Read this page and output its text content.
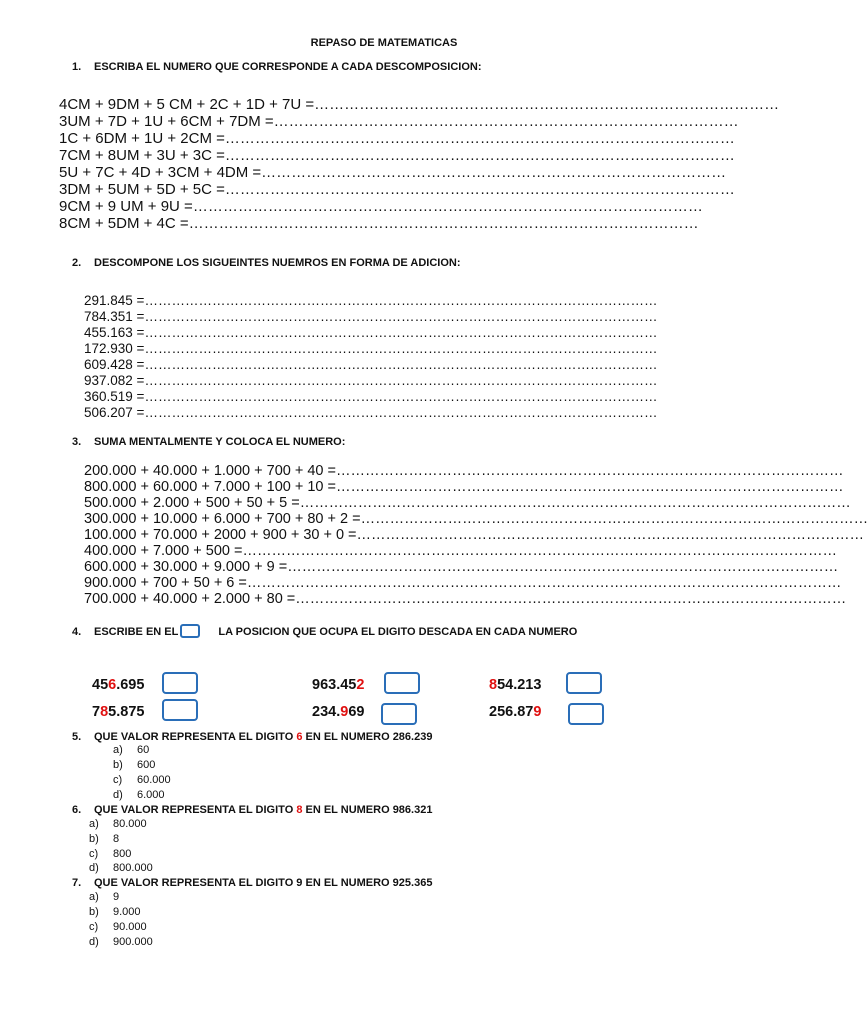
REPASO DE MATEMATICAS
1. ESCRIBA EL NUMERO QUE CORRESPONDE A CADA DESCOMPOSICION:
4CM + 9DM + 5 CM + 2C + 1D + 7U =…………………………………………………………………………………
3UM + 7D + 1U + 6CM + 7DM =…………………………………………………………………………………
1C + 6DM + 1U + 2CM =…………………………………………………………………………………………
7CM + 8UM + 3U + 3C =…………………………………………………………………………………………
5U + 7C + 4D + 3CM + 4DM =…………………………………………………………………………………
3DM + 5UM + 5D + 5C =…………………………………………………………………………………………
9CM + 9 UM + 9U =…………………………………………………………………………………………
8CM + 5DM + 4C =…………………………………………………………………………………………
2. DESCOMPONE LOS SIGUEINTES NUEMROS EN FORMA DE ADICION:
291.845 =……………………………………………………………………………………………………
784.351 =……………………………………………………………………………………………………
455.163 =……………………………………………………………………………………………………
172.930 =……………………………………………………………………………………………………
609.428 =……………………………………………………………………………………………………
937.082 =……………………………………………………………………………………………………
360.519 =……………………………………………………………………………………………………
506.207 =……………………………………………………………………………………………………
3. SUMA MENTALMENTE Y COLOCA EL NUMERO:
200.000 + 40.000 + 1.000 + 700 + 40 =……………………………………………………………………………………………
800.000 + 60.000 + 7.000 + 100 + 10 =……………………………………………………………………………………………
500.000 + 2.000 + 500 + 50 + 5 =……………………………………………………………………………………………………
300.000 + 10.000 + 6.000 + 700 + 80 + 2 =……………………………………………………………………………………………
100.000 + 70.000 + 2000 + 900 + 30 + 0 =……………………………………………………………………………………………
400.000 + 7.000 + 500 =……………………………………………………………………………………………………………
600.000 + 30.000 + 9.000 + 9 =……………………………………………………………………………………………………
900.000 + 700 + 50 + 6 =……………………………………………………………………………………………………………
700.000 + 40.000 + 2.000 + 80 =……………………………………………………………………………………………………
4. ESCRIBE EN EL	LA POSICION QUE OCUPA EL DIGITO DESCADA EN CADA NUMERO
456.695	963.452	854.213
785.875	234.969	256.879
5. QUE VALOR REPRESENTA EL DIGITO 6 EN EL NUMERO 286.239
a) 60
b) 600
c) 60.000
d) 6.000
6. QUE VALOR REPRESENTA EL DIGITO 8 EN EL NUMERO 986.321
a) 80.000
b) 8
c) 800
d) 800.000
7. QUE VALOR REPRESENTA EL DIGITO 9 EN EL NUMERO 925.365
a) 9
b) 9.000
c) 90.000
d) 900.000
